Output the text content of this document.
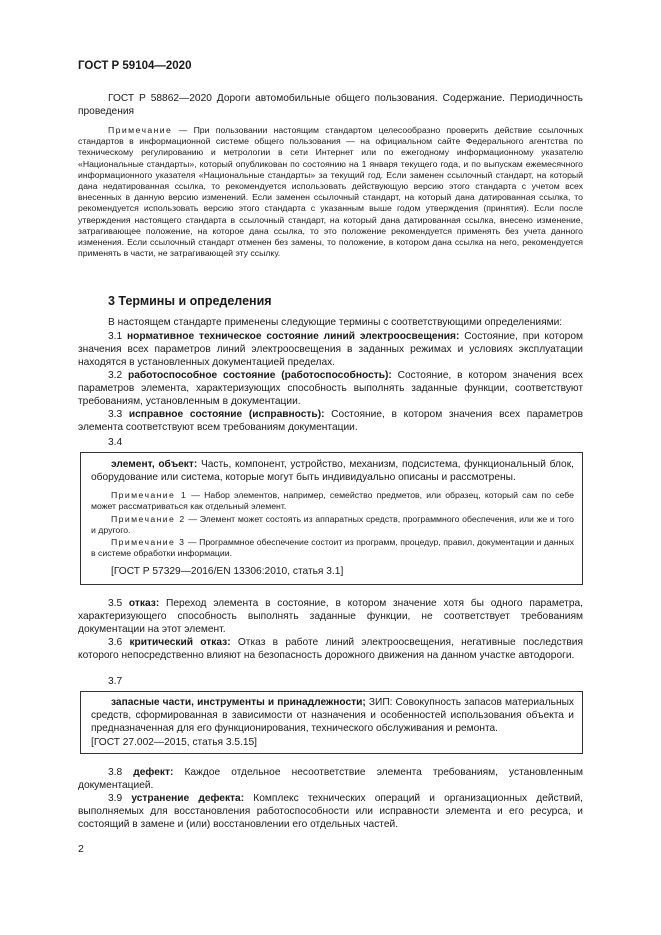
ГОСТ Р 59104—2020
ГОСТ Р 58862—2020 Дороги автомобильные общего пользования. Содержание. Периодичность проведения
Примечание — При пользовании настоящим стандартом целесообразно проверить действие ссылочных стандартов в информационной системе общего пользования — на официальном сайте Федерального агентства по техническому регулированию и метрологии в сети Интернет или по ежегодному информационному указателю «Национальные стандарты», который опубликован по состоянию на 1 января текущего года, и по выпускам ежемесячного информационного указателя «Национальные стандарты» за текущий год. Если заменен ссылочный стандарт, на который дана недатированная ссылка, то рекомендуется использовать действующую версию этого стандарта с учетом всех внесенных в данную версию изменений. Если заменен ссылочный стандарт, на который дана датированная ссылка, то рекомендуется использовать версию этого стандарта с указанным выше годом утверждения (принятия). Если после утверждения настоящего стандарта в ссылочный стандарт, на который дана датированная ссылка, внесено изменение, затрагивающее положение, на которое дана ссылка, то это положение рекомендуется применять без учета данного изменения. Если ссылочный стандарт отменен без замены, то положение, в котором дана ссылка на него, рекомендуется применять в части, не затрагивающей эту ссылку.
3 Термины и определения
В настоящем стандарте применены следующие термины с соответствующими определениями:
3.1 нормативное техническое состояние линий электроосвещения: Состояние, при котором значения всех параметров линий электроосвещения в заданных режимах и условиях эксплуатации находятся в установленных документацией пределах.
3.2 работоспособное состояние (работоспособность): Состояние, в котором значения всех параметров элемента, характеризующих способность выполнять заданные функции, соответствуют требованиям, установленным в документации.
3.3 исправное состояние (исправность): Состояние, в котором значения всех параметров элемента соответствуют всем требованиям документации.
3.4
элемент, объект: Часть, компонент, устройство, механизм, подсистема, функциональный блок, оборудование или система, которые могут быть индивидуально описаны и рассмотрены.
Примечание 1 — Набор элементов, например, семейство предметов, или образец, который сам по себе может рассматриваться как отдельный элемент.
Примечание 2 — Элемент может состоять из аппаратных средств, программного обеспечения, или же и того и другого.
Примечание 3 — Программное обеспечение состоит из программ, процедур, правил, документации и данных в системе обработки информации.
[ГОСТ Р 57329—2016/EN 13306:2010, статья 3.1]
3.5 отказ: Переход элемента в состояние, в котором значение хотя бы одного параметра, характеризующего способность выполнять заданные функции, не соответствует требованиям документации на этот элемент.
3.6 критический отказ: Отказ в работе линий электроосвещения, негативные последствия которого непосредственно влияют на безопасность дорожного движения на данном участке автодороги.
3.7
запасные части, инструменты и принадлежности; ЗИП: Совокупность запасов материальных средств, сформированная в зависимости от назначения и особенностей использования объекта и предназначенная для его функционирования, технического обслуживания и ремонта.
[ГОСТ 27.002—2015, статья 3.5.15]
3.8 дефект: Каждое отдельное несоответствие элемента требованиям, установленным документацией.
3.9 устранение дефекта: Комплекс технических операций и организационных действий, выполняемых для восстановления работоспособности или исправности элемента и его ресурса, и состоящий в замене и (или) восстановлении его отдельных частей.
2
